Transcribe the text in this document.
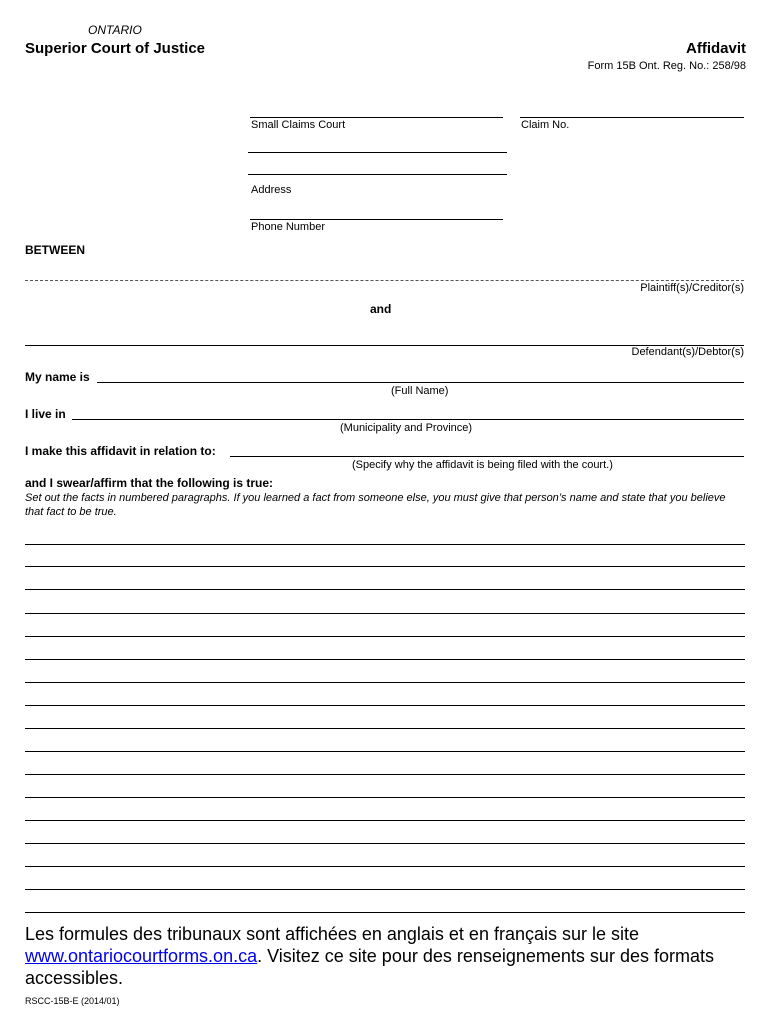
ONTARIO
Superior Court of Justice	Affidavit
Form 15B Ont. Reg. No.: 258/98
Small Claims Court	Claim No.
Address
Phone Number
BETWEEN
Plaintiff(s)/Creditor(s)
and
Defendant(s)/Debtor(s)
My name is
(Full Name)
I live in
(Municipality and Province)
I make this affidavit in relation to:
(Specify why the affidavit is being filed with the court.)
and I swear/affirm that the following is true:
Set out the facts in numbered paragraphs. If you learned a fact from someone else, you must give that person’s name and state that you believe that fact to be true.
Les formules des tribunaux sont affichées en anglais et en français sur le site
www.ontariocourtforms.on.ca. Visitez ce site pour des renseignements sur des formats accessibles.
RSCC-15B-E (2014/01)
